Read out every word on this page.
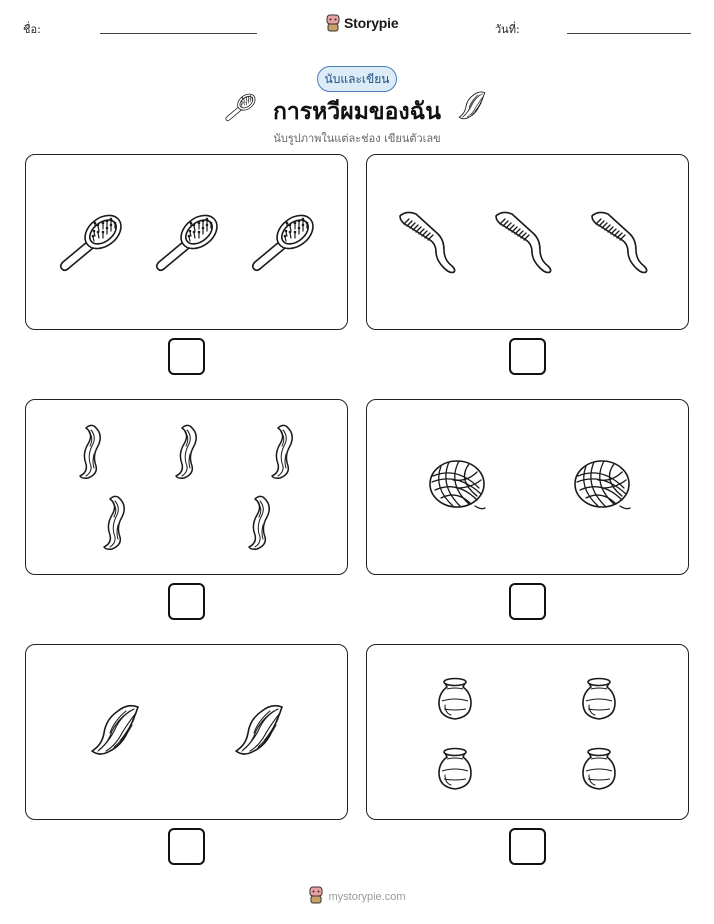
ชื่อ:	Storypie	วันที่:
นับและเขียน
การหวีผมของฉัน
นับรูปภาพในแต่ละช่อง เขียนตัวเลข
mystorypie.com
